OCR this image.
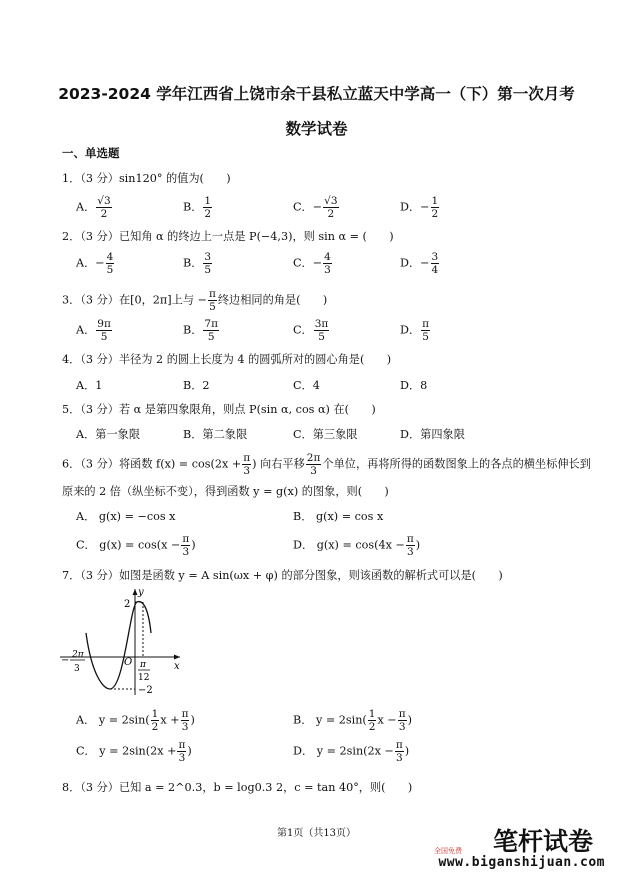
2023-2024 学年江西省上饶市余干县私立蓝天中学高一（下）第一次月考
数学试卷
一、单选题
1．（3 分）sin120° 的值为(　　)
A． $\frac{√3}{2}$	B． $\frac{1}{2}$	C．− $\frac{√3}{2}$	D．− $\frac{1}{2}$
2．（3 分）已知角 α 的终边上一点是 P(−4,3)，则 sin α = (　　)
A．− $\frac{4}{5}$	B． $\frac{3}{5}$	C．− $\frac{4}{3}$	D．− $\frac{3}{4}$
3．（3 分）在[0，2π]上与 − $\frac{\pi}{5}$ 终边相同的角是(　　)
A． $\frac{9\pi}{5}$	B． $\frac{7\pi}{5}$	C． $\frac{3\pi}{5}$	D． $\frac{\pi}{5}$
4．（3 分）半径为 2 的圆上长度为 4 的圆弧所对的圆心角是(　　)
A．1	B．2	C．4	D．8
5．（3 分）若 α 是第四象限角，则点 P(sin α, cos α) 在(　　)
A．第一象限	B．第二象限	C．第三象限	D．第四象限
6．（3 分）将函数 $f(x) = \cos(2x + \frac{\pi}{3}$ ) 向右平移 $\frac{2\pi}{3}$ 个单位，再将所得的函数图象上的各点的横坐标伸长到
原来的 2 倍（纵坐标不变），得到函数 y = g(x) 的图象，则(　　)
A． g(x) = −cos x	B． g(x) = cos x
C． $g(x) = \cos(x - \frac{\pi}{3}$ )	D． $g(x) = \cos(4x - \frac{\pi}{3}$ )
7．（3 分）如图是函数 y = A sin(ωx + φ) 的部分图象，则该函数的解析式可以是(　　)
y
x
O
2
−2
− 2π
3	π
12
A． $y = 2\sin( \frac{1}{2}$ $x + \frac{\pi}{3}$ )	B． $y = 2\sin( \frac{1}{2}$ $x - \frac{\pi}{3}$ )
C． $y = 2\sin(2x + \frac{\pi}{3}$ )	D． $y = 2\sin(2x - \frac{\pi}{3}$ )
8．（3 分）已知 a = 2^0.3，b = log0.3 2，c = tan 40°，则(　　)
第1页（共13页）	笔杆试卷
全国免费
www.biganshijuan.com
